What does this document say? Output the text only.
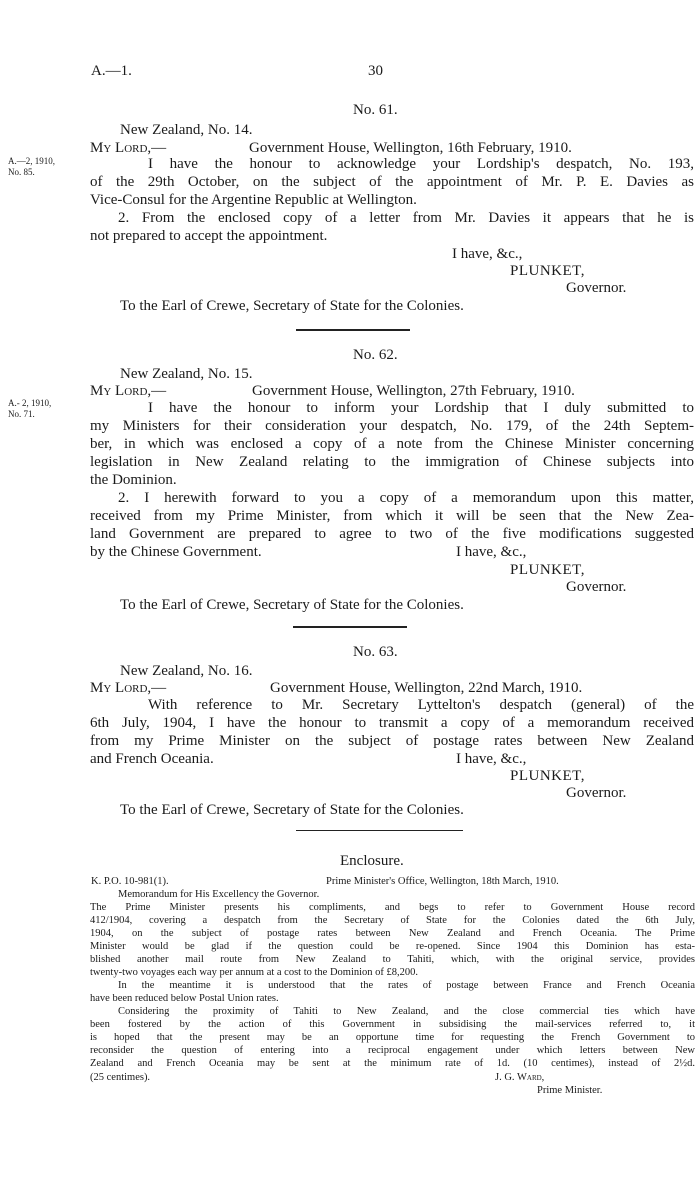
A.—1.	30
No. 61.
New Zealand, No. 14.
My Lord,—	Government House, Wellington, 16th February, 1910.
A.—2, 1910,
No. 85.	I have the honour to acknowledge your Lordship's despatch, No. 193,
of the 29th October, on the subject of the appointment of Mr. P. E. Davies as
Vice-Consul for the Argentine Republic at Wellington.
2. From the enclosed copy of a letter from Mr. Davies it appears that he is
not prepared to accept the appointment.
I have, &c.,
PLUNKET,
Governor.
To the Earl of Crewe, Secretary of State for the Colonies.
No. 62.
New Zealand, No. 15.
My Lord,—	Government House, Wellington, 27th February, 1910.
A.- 2, 1910,
No. 71.	I have the honour to inform your Lordship that I duly submitted to
my Ministers for their consideration your despatch, No. 179, of the 24th Septem-
ber, in which was enclosed a copy of a note from the Chinese Minister concerning
legislation in New Zealand relating to the immigration of Chinese subjects into
the Dominion.
2. I herewith forward to you a copy of a memorandum upon this matter,
received from my Prime Minister, from which it will be seen that the New Zea-
land Government are prepared to agree to two of the five modifications suggested
by the Chinese Government.	I have, &c.,
PLUNKET,
Governor.
To the Earl of Crewe, Secretary of State for the Colonies.
No. 63.
New Zealand, No. 16.
My Lord,—	Government House, Wellington, 22nd March, 1910.
With reference to Mr. Secretary Lyttelton's despatch (general) of the
6th July, 1904, I have the honour to transmit a copy of a memorandum received
from my Prime Minister on the subject of postage rates between New Zealand
and French Oceania.	I have, &c.,
PLUNKET,
Governor.
To the Earl of Crewe, Secretary of State for the Colonies.
Enclosure.
K. P.O. 10-981(1).	Prime Minister's Office, Wellington, 18th March, 1910.
Memorandum for His Excellency the Governor.
The Prime Minister presents his compliments, and begs to refer to Government House record
412/1904, covering a despatch from the Secretary of State for the Colonies dated the 6th July,
1904, on the subject of postage rates between New Zealand and French Oceania. The Prime
Minister would be glad if the question could be re-opened. Since 1904 this Dominion has esta-
blished another mail route from New Zealand to Tahiti, which, with the original service, provides
twenty-two voyages each way per annum at a cost to the Dominion of £8,200.
In the meantime it is understood that the rates of postage between France and French Oceania
have been reduced below Postal Union rates.
Considering the proximity of Tahiti to New Zealand, and the close commercial ties which have
been fostered by the action of this Government in subsidising the mail-services referred to, it
is hoped that the present may be an opportune time for requesting the French Government to
reconsider the question of entering into a reciprocal engagement under which letters between New
Zealand and French Oceania may be sent at the minimum rate of 1d. (10 centimes), instead of 2½d.
(25 centimes).	J. G. Ward,
Prime Minister.
